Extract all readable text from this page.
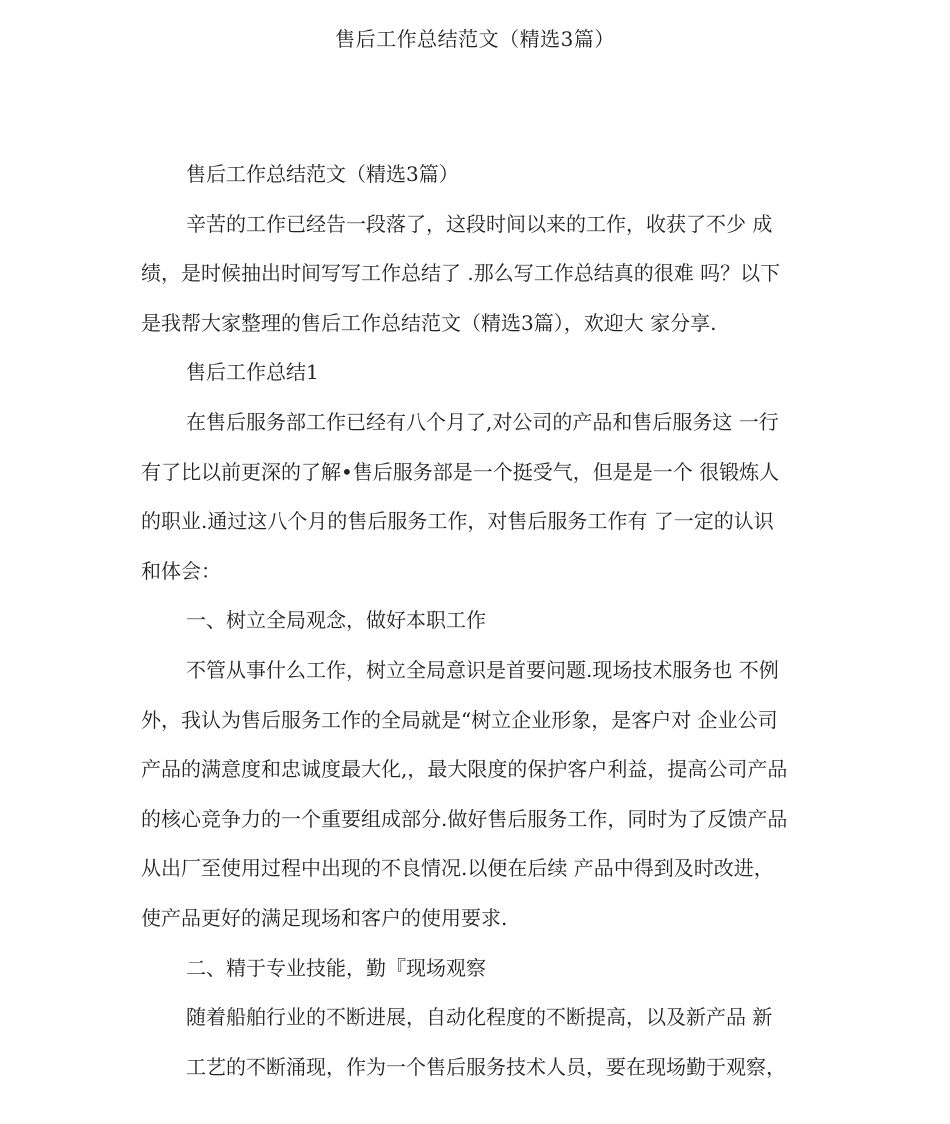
售后工作总结范文（精选3篇）
售后工作总结范文（精选3篇）
辛苦的工作已经告一段落了，这段时间以来的工作，收获了不少 成
绩，是时候抽出时间写写工作总结了 .那么写工作总结真的很难 吗？以下
是我帮大家整理的售后工作总结范文（精选3篇），欢迎大 家分享.
售后工作总结1
在售后服务部工作已经有八个月了,对公司的产品和售后服务这 一行
有了比以前更深的了解•售后服务部是一个挺受气，但是是一个 很锻炼人
的职业.通过这八个月的售后服务工作，对售后服务工作有 了一定的认识
和体会：
一、树立全局观念，做好本职工作
不管从事什么工作，树立全局意识是首要问题.现场技术服务也 不例
外，我认为售后服务工作的全局就是“树立企业形象，是客户对 企业公司
产品的满意度和忠诚度最大化,，最大限度的保护客户利益，提高公司产品
的核心竞争力的一个重要组成部分.做好售后服务工作，同时为了反馈产品
从出厂至使用过程中出现的不良情况.以便在后续 产品中得到及时改进，
使产品更好的满足现场和客户的使用要求.
二、精于专业技能，勤『现场观察
随着船舶行业的不断进展，自动化程度的不断提高，以及新产品 新
工艺的不断涌现，作为一个售后服务技术人员，要在现场勤于观察，
